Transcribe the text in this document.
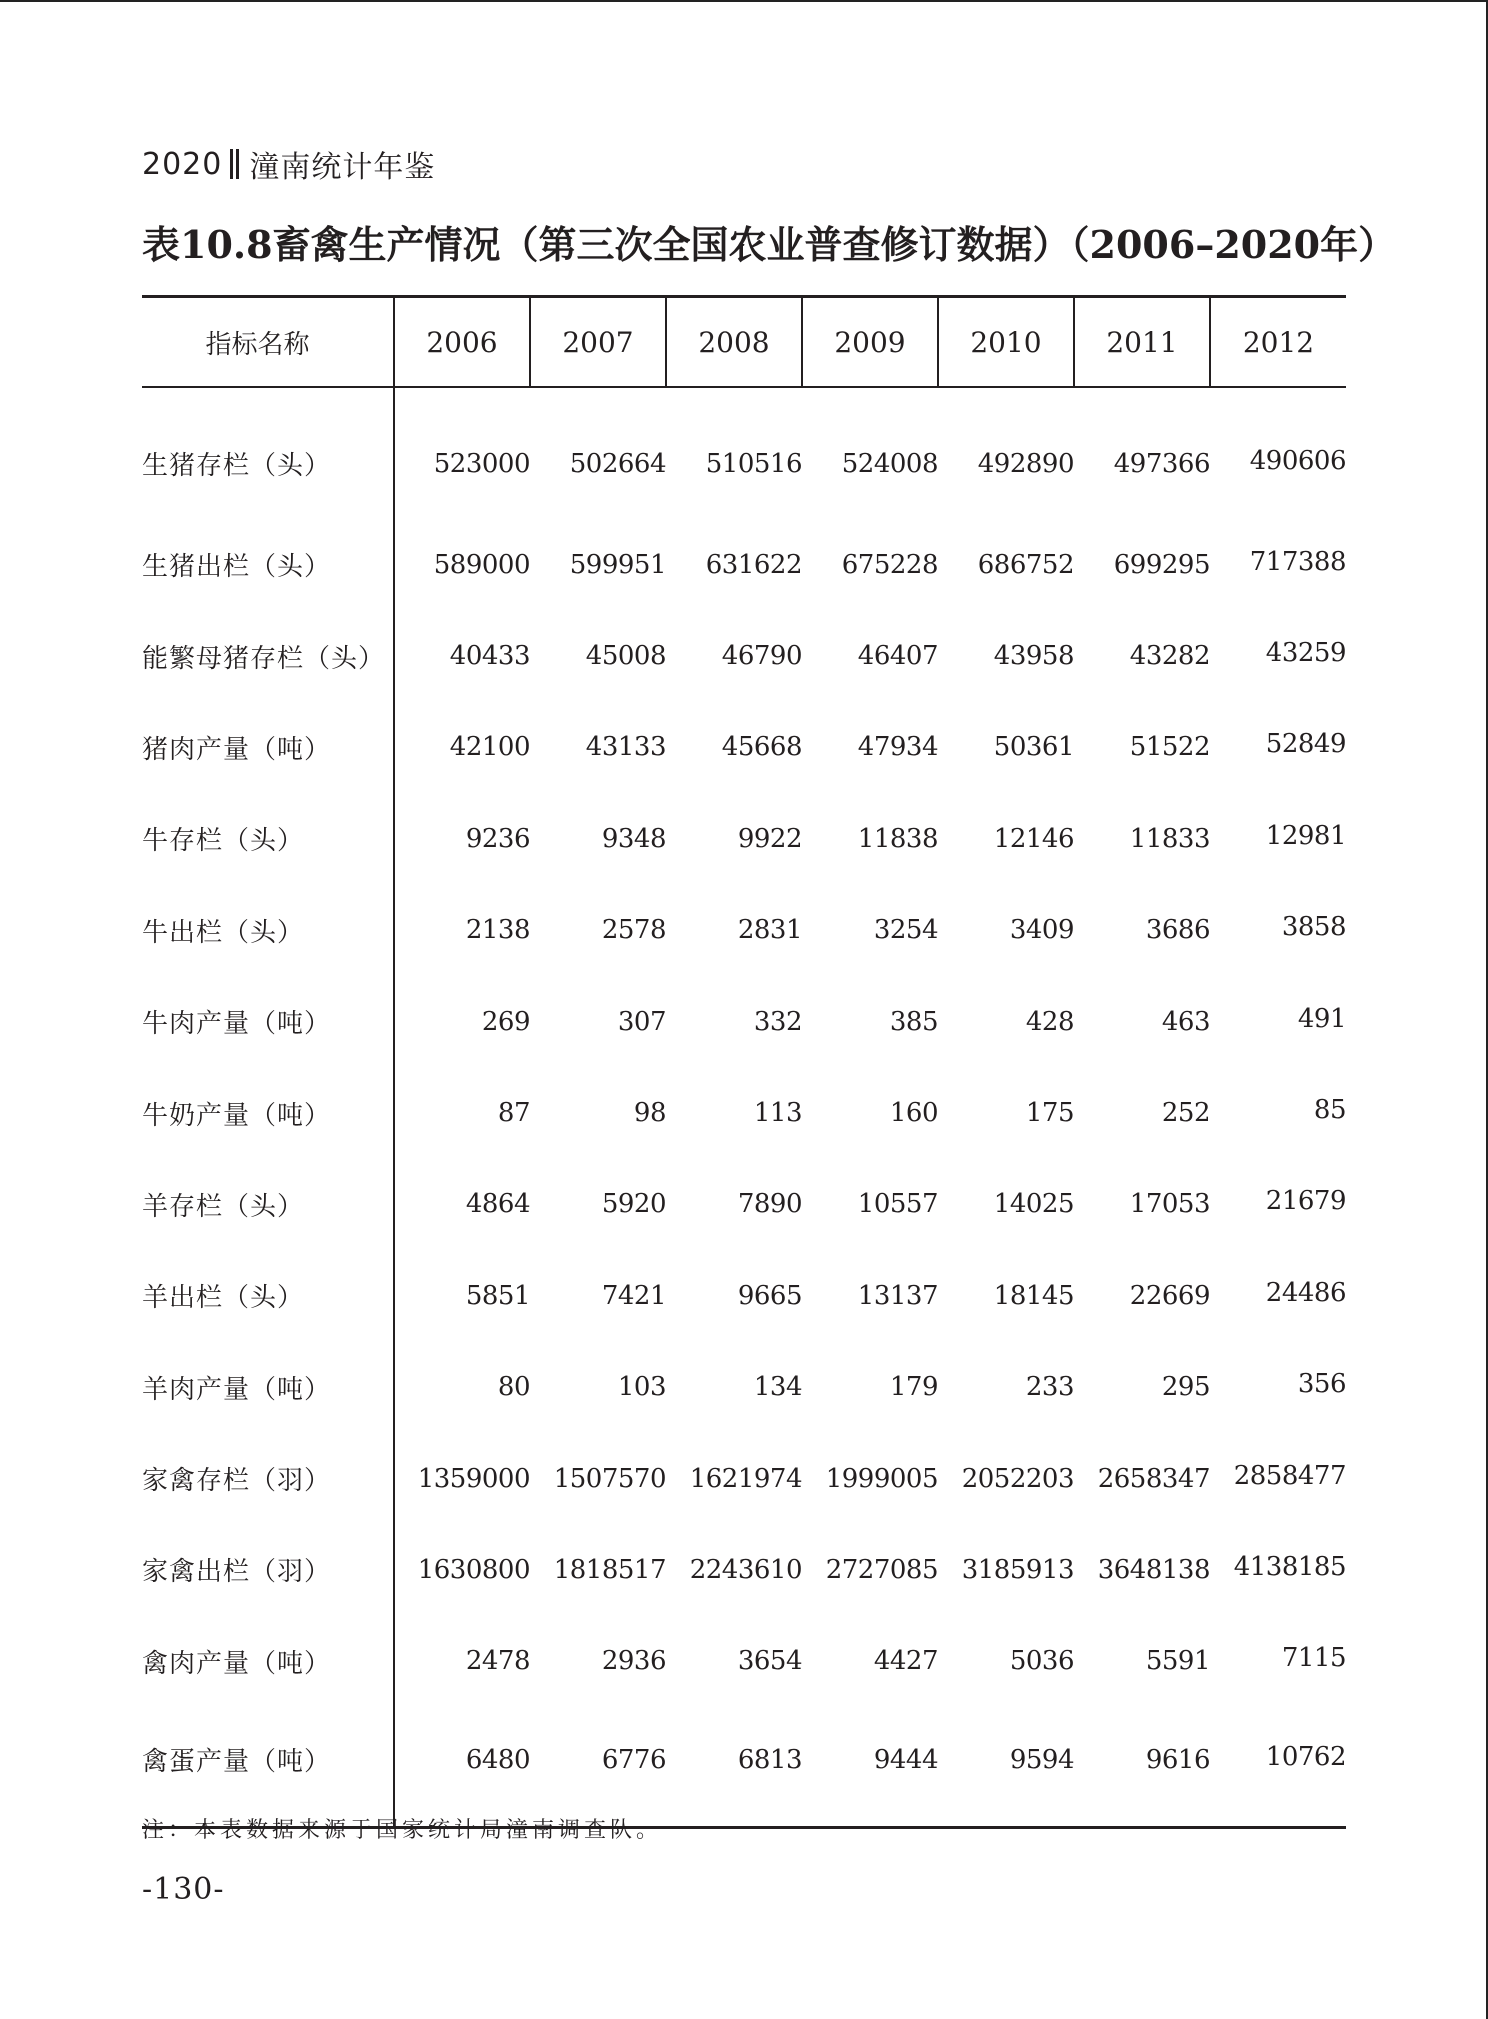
2020 潼南统计年鉴
表10.8畜禽生产情况（第三次全国农业普查修订数据）（2006–2020年）
指标名称	2006	2007	2008	2009	2010	2011	2012
生猪存栏（头）	523000	502664	510516	524008	492890	497366	490606
生猪出栏（头）	589000	599951	631622	675228	686752	699295	717388
能繁母猪存栏（头）	40433	45008	46790	46407	43958	43282	43259
猪肉产量（吨）	42100	43133	45668	47934	50361	51522	52849
牛存栏（头）	9236	9348	9922	11838	12146	11833	12981
牛出栏（头）	2138	2578	2831	3254	3409	3686	3858
牛肉产量（吨）	269	307	332	385	428	463	491
牛奶产量（吨）	87	98	113	160	175	252	85
羊存栏（头）	4864	5920	7890	10557	14025	17053	21679
羊出栏（头）	5851	7421	9665	13137	18145	22669	24486
羊肉产量（吨）	80	103	134	179	233	295	356
家禽存栏（羽）	1359000	1507570	1621974	1999005	2052203	2658347	2858477
家禽出栏（羽）	1630800	1818517	2243610	2727085	3185913	3648138	4138185
禽肉产量（吨）	2478	2936	3654	4427	5036	5591	7115
禽蛋产量（吨）	6480	6776	6813	9444	9594	9616	10762
注：本表数据来源于国家统计局潼南调查队。
-130-
